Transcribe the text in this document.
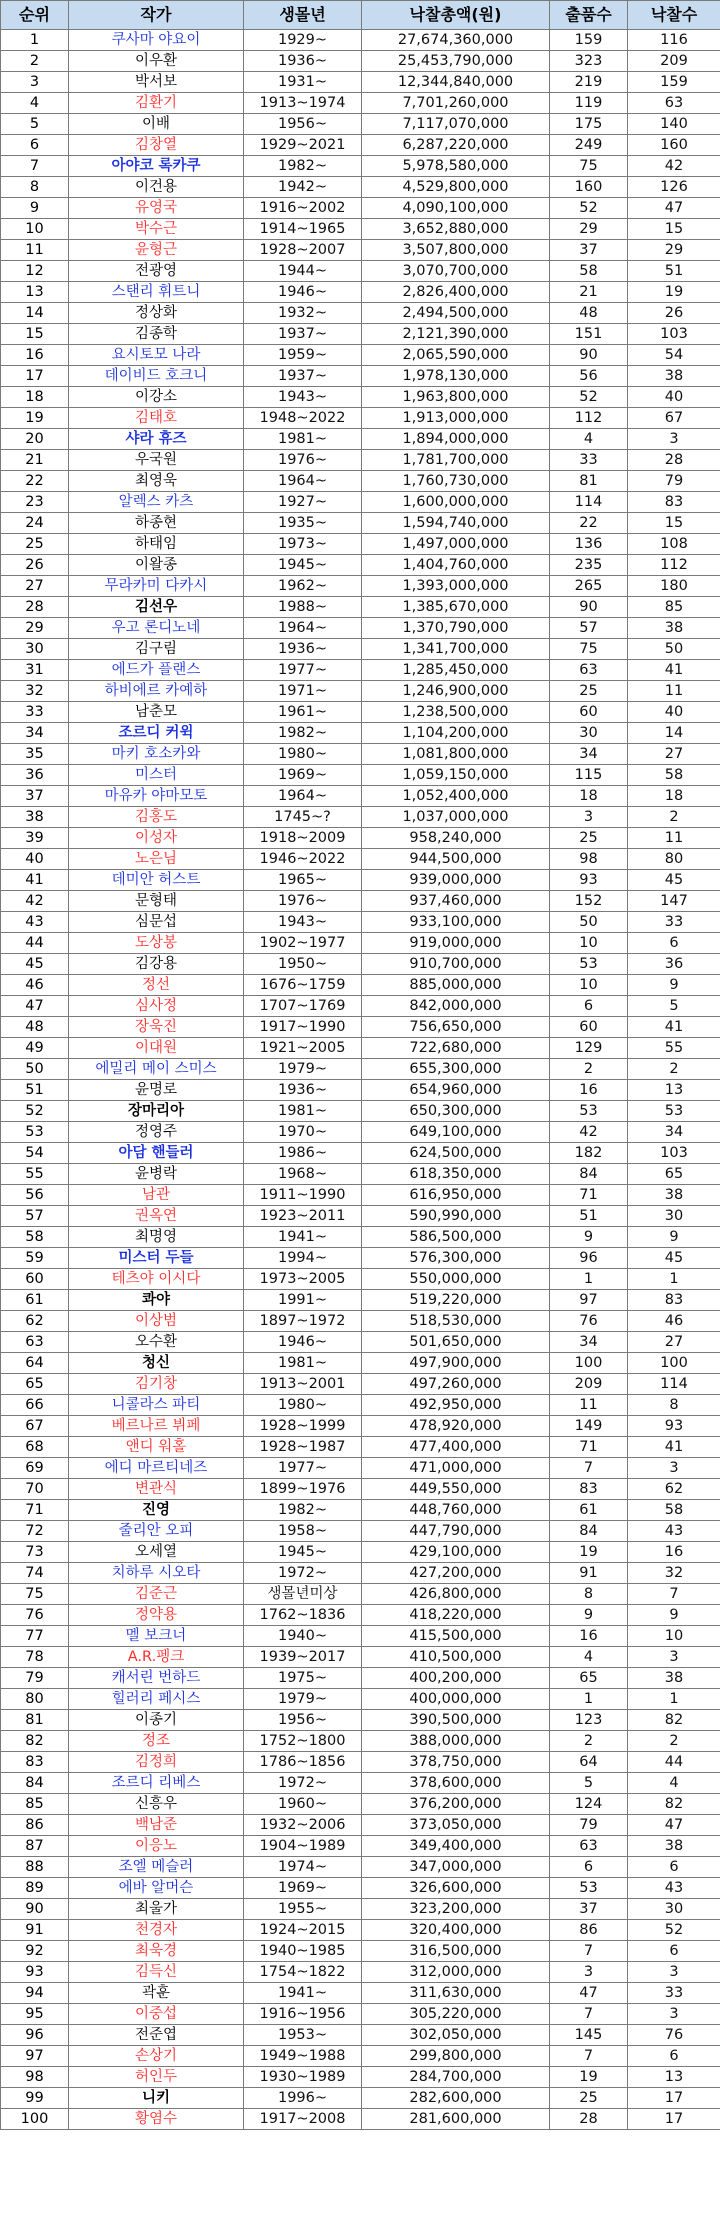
순위	작가	생몰년	낙찰총액(원)	출품수	낙찰수
1	쿠사마 야요이	1929~	27,674,360,000	159	116
2	이우환	1936~	25,453,790,000	323	209
3	박서보	1931~	12,344,840,000	219	159
4	김환기	1913~1974	7,701,260,000	119	63
5	이배	1956~	7,117,070,000	175	140
6	김창열	1929~2021	6,287,220,000	249	160
7	아야코 록카쿠	1982~	5,978,580,000	75	42
8	이건용	1942~	4,529,800,000	160	126
9	유영국	1916~2002	4,090,100,000	52	47
10	박수근	1914~1965	3,652,880,000	29	15
11	윤형근	1928~2007	3,507,800,000	37	29
12	전광영	1944~	3,070,700,000	58	51
13	스탠리 휘트니	1946~	2,826,400,000	21	19
14	정상화	1932~	2,494,500,000	48	26
15	김종학	1937~	2,121,390,000	151	103
16	요시토모 나라	1959~	2,065,590,000	90	54
17	데이비드 호크니	1937~	1,978,130,000	56	38
18	이강소	1943~	1,963,800,000	52	40
19	김태호	1948~2022	1,913,000,000	112	67
20	샤라 휴즈	1981~	1,894,000,000	4	3
21	우국원	1976~	1,781,700,000	33	28
22	최영욱	1964~	1,760,730,000	81	79
23	알렉스 카츠	1927~	1,600,000,000	114	83
24	하종현	1935~	1,594,740,000	22	15
25	하태임	1973~	1,497,000,000	136	108
26	이왈종	1945~	1,404,760,000	235	112
27	무라카미 다카시	1962~	1,393,000,000	265	180
28	김선우	1988~	1,385,670,000	90	85
29	우고 론디노네	1964~	1,370,790,000	57	38
30	김구림	1936~	1,341,700,000	75	50
31	에드가 플랜스	1977~	1,285,450,000	63	41
32	하비에르 카예하	1971~	1,246,900,000	25	11
33	남춘모	1961~	1,238,500,000	60	40
34	조르디 커윅	1982~	1,104,200,000	30	14
35	마키 호소카와	1980~	1,081,800,000	34	27
36	미스터	1969~	1,059,150,000	115	58
37	마유카 야마모토	1964~	1,052,400,000	18	18
38	김홍도	1745~?	1,037,000,000	3	2
39	이성자	1918~2009	958,240,000	25	11
40	노은님	1946~2022	944,500,000	98	80
41	데미안 허스트	1965~	939,000,000	93	45
42	문형태	1976~	937,460,000	152	147
43	심문섭	1943~	933,100,000	50	33
44	도상봉	1902~1977	919,000,000	10	6
45	김강용	1950~	910,700,000	53	36
46	정선	1676~1759	885,000,000	10	9
47	심사정	1707~1769	842,000,000	6	5
48	장욱진	1917~1990	756,650,000	60	41
49	이대원	1921~2005	722,680,000	129	55
50	에밀리 메이 스미스	1979~	655,300,000	2	2
51	윤명로	1936~	654,960,000	16	13
52	장마리아	1981~	650,300,000	53	53
53	정영주	1970~	649,100,000	42	34
54	아담 핸들러	1986~	624,500,000	182	103
55	윤병락	1968~	618,350,000	84	65
56	남관	1911~1990	616,950,000	71	38
57	권옥연	1923~2011	590,990,000	51	30
58	최명영	1941~	586,500,000	9	9
59	미스터 두들	1994~	576,300,000	96	45
60	테츠야 이시다	1973~2005	550,000,000	1	1
61	콰야	1991~	519,220,000	97	83
62	이상범	1897~1972	518,530,000	76	46
63	오수환	1946~	501,650,000	34	27
64	청신	1981~	497,900,000	100	100
65	김기창	1913~2001	497,260,000	209	114
66	니콜라스 파티	1980~	492,950,000	11	8
67	베르나르 뷔페	1928~1999	478,920,000	149	93
68	앤디 워홀	1928~1987	477,400,000	71	41
69	에디 마르티네즈	1977~	471,000,000	7	3
70	변관식	1899~1976	449,550,000	83	62
71	진영	1982~	448,760,000	61	58
72	줄리안 오피	1958~	447,790,000	84	43
73	오세열	1945~	429,100,000	19	16
74	치하루 시오타	1972~	427,200,000	91	32
75	김준근	생몰년미상	426,800,000	8	7
76	정약용	1762~1836	418,220,000	9	9
77	멜 보크너	1940~	415,500,000	16	10
78	A.R.펭크	1939~2017	410,500,000	4	3
79	캐서린 번하드	1975~	400,200,000	65	38
80	힐러리 페시스	1979~	400,000,000	1	1
81	이종기	1956~	390,500,000	123	82
82	정조	1752~1800	388,000,000	2	2
83	김정희	1786~1856	378,750,000	64	44
84	조르디 리베스	1972~	378,600,000	5	4
85	신흥우	1960~	376,200,000	124	82
86	백남준	1932~2006	373,050,000	79	47
87	이응노	1904~1989	349,400,000	63	38
88	조엘 메슬러	1974~	347,000,000	6	6
89	에바 알머슨	1969~	326,600,000	53	43
90	최울가	1955~	323,200,000	37	30
91	천경자	1924~2015	320,400,000	86	52
92	최욱경	1940~1985	316,500,000	7	6
93	김득신	1754~1822	312,000,000	3	3
94	곽훈	1941~	311,630,000	47	33
95	이중섭	1916~1956	305,220,000	7	3
96	전준엽	1953~	302,050,000	145	76
97	손상기	1949~1988	299,800,000	7	6
98	허인두	1930~1989	284,700,000	19	13
99	니키	1996~	282,600,000	25	17
100	황염수	1917~2008	281,600,000	28	17
